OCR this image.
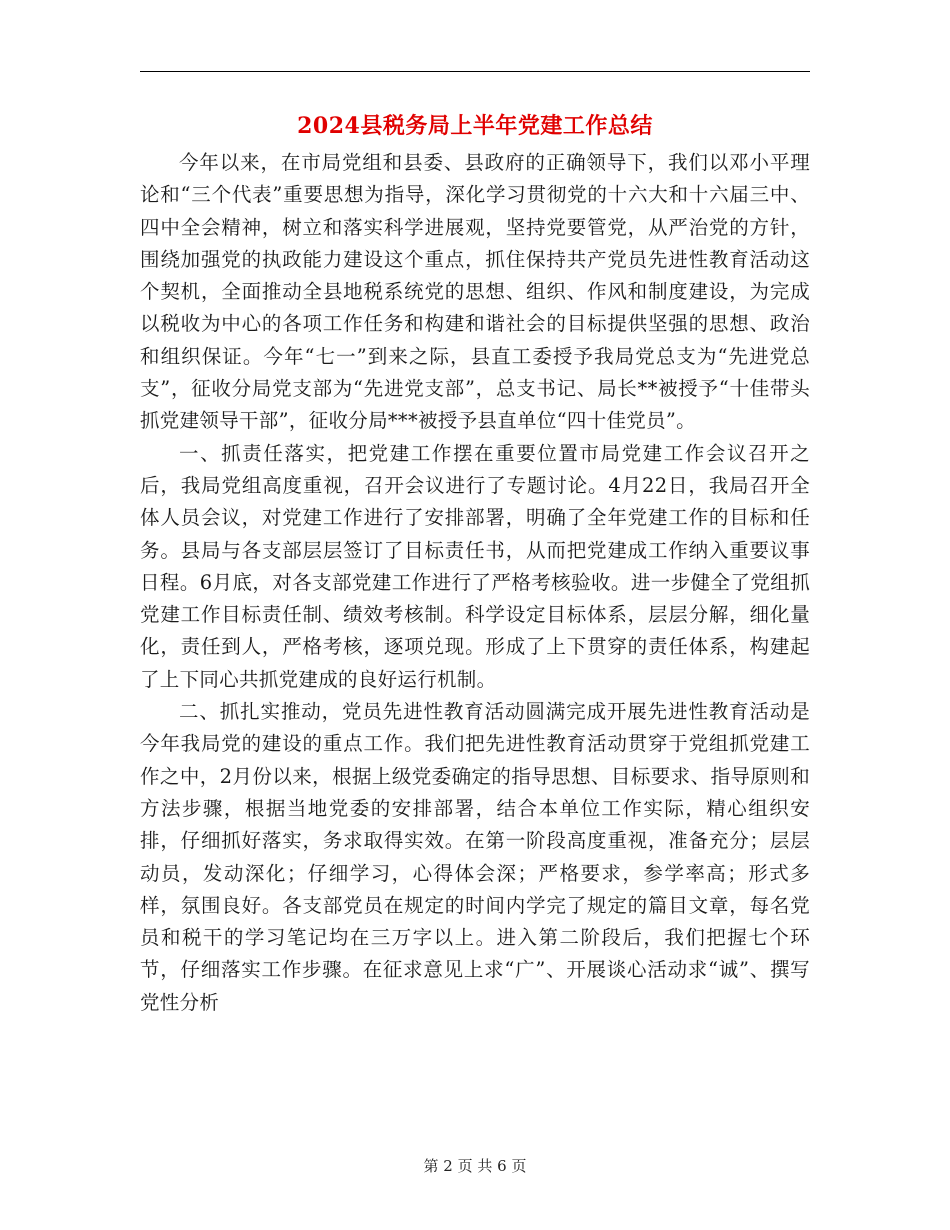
2024县税务局上半年党建工作总结

今年以来，在市局党组和县委、县政府的正确领导下，我们以邓小平理论和“三个代表”重要思想为指导，深化学习贯彻党的十六大和十六届三中、四中全会精神，树立和落实科学进展观，坚持党要管党，从严治党的方针，围绕加强党的执政能力建设这个重点，抓住保持共产党员先进性教育活动这个契机，全面推动全县地税系统党的思想、组织、作风和制度建设，为完成以税收为中心的各项工作任务和构建和谐社会的目标提供坚强的思想、政治和组织保证。今年“七一”到来之际，县直工委授予我局党总支为“先进党总支”，征收分局党支部为“先进党支部”，总支书记、局长**被授予“十佳带头抓党建领导干部”，征收分局***被授予县直单位“四十佳党员”。

一、抓责任落实，把党建工作摆在重要位置市局党建工作会议召开之后，我局党组高度重视，召开会议进行了专题讨论。4月22日，我局召开全体人员会议，对党建工作进行了安排部署，明确了全年党建工作的目标和任务。县局与各支部层层签订了目标责任书，从而把党建成工作纳入重要议事日程。6月底，对各支部党建工作进行了严格考核验收。进一步健全了党组抓党建工作目标责任制、绩效考核制。科学设定目标体系，层层分解，细化量化，责任到人，严格考核，逐项兑现。形成了上下贯穿的责任体系，构建起了上下同心共抓党建成的良好运行机制。

二、抓扎实推动，党员先进性教育活动圆满完成开展先进性教育活动是今年我局党的建设的重点工作。我们把先进性教育活动贯穿于党组抓党建工作之中，2月份以来，根据上级党委确定的指导思想、目标要求、指导原则和方法步骤，根据当地党委的安排部署，结合本单位工作实际，精心组织安排，仔细抓好落实，务求取得实效。在第一阶段高度重视，准备充分；层层动员，发动深化；仔细学习，心得体会深；严格要求，参学率高；形式多样，氛围良好。各支部党员在规定的时间内学完了规定的篇目文章，每名党员和税干的学习笔记均在三万字以上。进入第二阶段后，我们把握七个环节，仔细落实工作步骤。在征求意见上求“广”、开展谈心活动求“诚”、撰写党性分析

第 2 页 共 6 页
